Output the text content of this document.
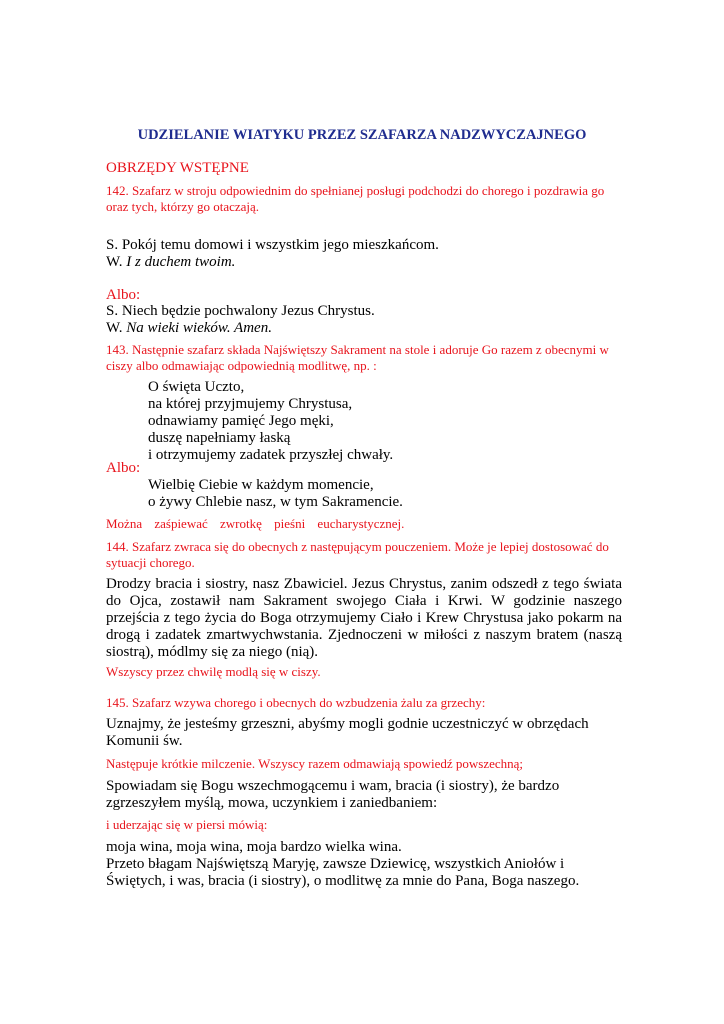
UDZIELANIE WIATYKU PRZEZ SZAFARZA NADZWYCZAJNEGO
OBRZĘDY WSTĘPNE
142. Szafarz w stroju odpowiednim do spełnianej posługi podchodzi do chorego i pozdrawia go oraz tych, którzy go otaczają.
S. Pokój temu domowi i wszystkim jego mieszkańcom.
W. I z duchem twoim.
Albo:
S. Niech będzie pochwalony Jezus Chrystus.
W. Na wieki wieków. Amen.
143. Następnie szafarz składa Najświętszy Sakrament na stole i adoruje Go razem z obecnymi w ciszy albo odmawiając odpowiednią modlitwę, np. :
O święta Uczto,
na której przyjmujemy Chrystusa,
odnawiamy pamięć Jego męki,
duszę napełniamy łaską
i otrzymujemy zadatek przyszłej chwały.
Albo:
Wielbię Ciebie w każdym momencie,
o żywy Chlebie nasz, w tym Sakramencie.
Można zaśpiewać zwrotkę pieśni eucharystycznej.
144. Szafarz zwraca się do obecnych z następującym pouczeniem. Może je lepiej dostosować do sytuacji chorego.
Drodzy bracia i siostry, nasz Zbawiciel. Jezus Chrystus, zanim odszedł z tego świata do Ojca, zostawił nam Sakrament swojego Ciała i Krwi. W godzinie naszego przejścia z tego życia do Boga otrzymujemy Ciało i Krew Chrystusa jako pokarm na drogą i zadatek zmartwychwstania. Zjednoczeni w miłości z naszym bratem (naszą siostrą), módlmy się za niego (nią).
Wszyscy przez chwilę modlą się w ciszy.
145. Szafarz wzywa chorego i obecnych do wzbudzenia żalu za grzechy:
Uznajmy, że jesteśmy grzeszni, abyśmy mogli godnie uczestniczyć w obrzędach Komunii św.
Następuje krótkie milczenie. Wszyscy razem odmawiają spowiedź powszechną;
Spowiadam się Bogu wszechmogącemu i wam, bracia (i siostry), że bardzo zgrzeszyłem myślą, mowa, uczynkiem i zaniedbaniem:
i uderzając się w piersi mówią:
moja wina, moja wina, moja bardzo wielka wina.
Przeto błagam Najświętszą Maryję, zawsze Dziewicę, wszystkich Aniołów i Świętych, i was, bracia (i siostry), o modlitwę za mnie do Pana, Boga naszego.
